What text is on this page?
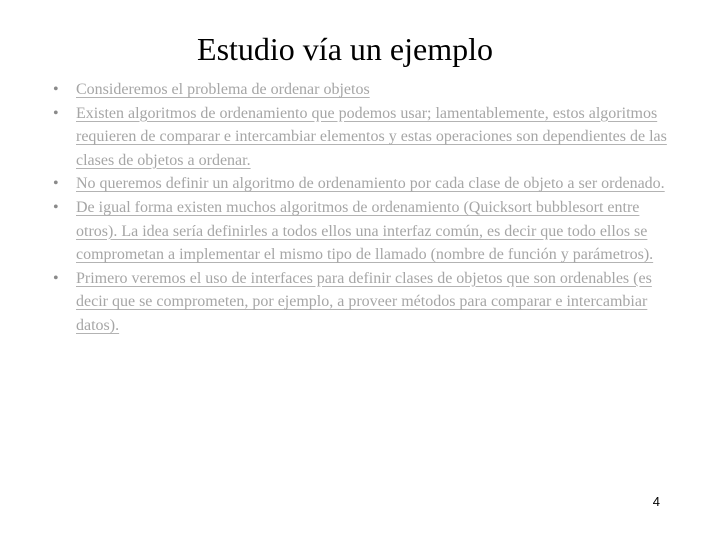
Estudio vía un ejemplo
• Consideremos el problema de ordenar objetos
• Existen algoritmos de ordenamiento que podemos usar; lamentablemente, estos algoritmos requieren de comparar e intercambiar elementos y estas operaciones son dependientes de las clases de objetos a ordenar.
• No queremos definir un algoritmo de ordenamiento por cada clase de objeto a ser ordenado.
• De igual forma existen muchos algoritmos de ordenamiento (Quicksort bubblesort entre otros). La idea sería definirles a todos ellos una interfaz común, es decir que todo ellos se comprometan a implementar el mismo tipo de llamado (nombre de función y parámetros).
• Primero veremos el uso de interfaces para definir clases de objetos que son ordenables (es decir que se comprometen, por ejemplo, a proveer métodos para comparar e intercambiar datos).
4
